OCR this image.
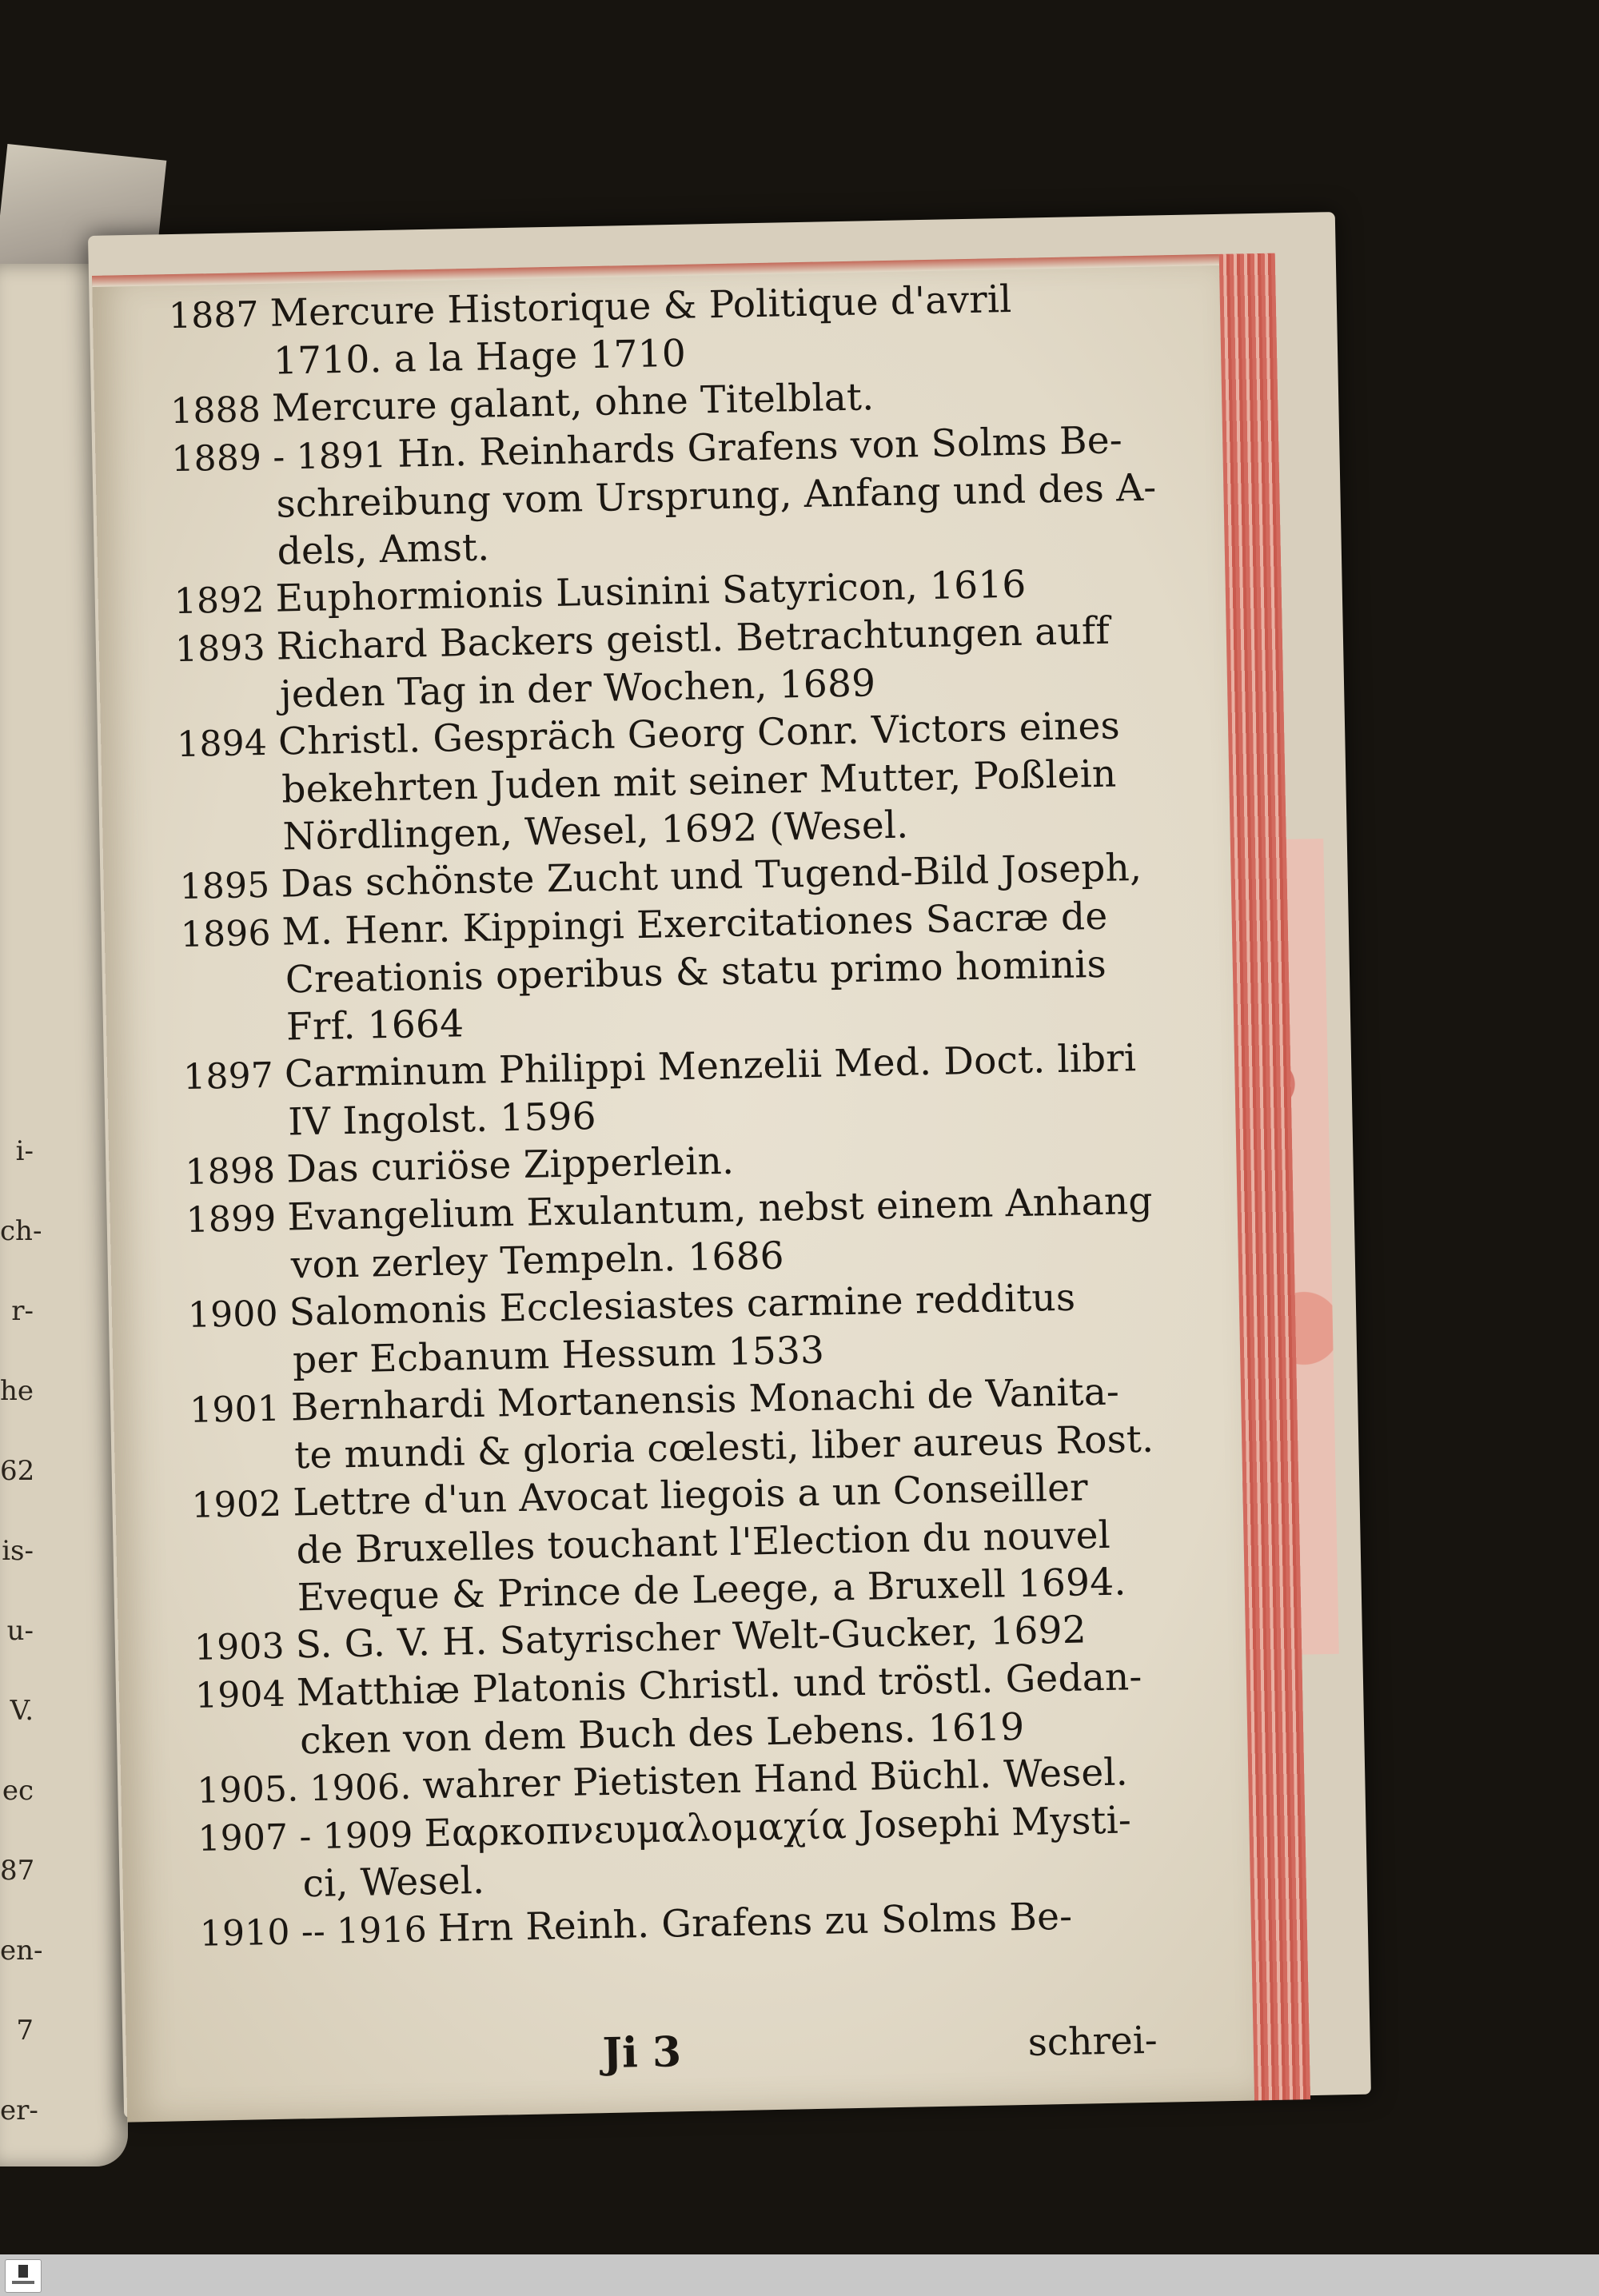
i-
ch-
r-
he
62
is-
u-
V.
ec
87
en-
7
er-
1887 Mercure Historique & Politique d'avril
1710. a la Hage 1710
1888 Mercure galant, ohne Titelblat.
1889 - 1891 Hn. Reinhards Grafens von Solms Be-
schreibung vom Ursprung, Anfang und des A-
dels, Amst.
1892 Euphormionis Lusinini Satyricon, 1616
1893 Richard Backers geistl. Betrachtungen auff
jeden Tag in der Wochen, 1689
1894 Christl. Gespräch Georg Conr. Victors eines
bekehrten Juden mit seiner Mutter, Poßlein
Nördlingen, Wesel, 1692 (Wesel.
1895 Das schönste Zucht und Tugend-Bild Joseph,
1896 M. Henr. Kippingi Exercitationes Sacræ de
Creationis operibus & statu primo hominis
Frf. 1664
1897 Carminum Philippi Menzelii Med. Doct. libri
IV Ingolst. 1596
1898 Das curiöse Zipperlein.
1899 Evangelium Exulantum, nebst einem Anhang
von zerley Tempeln. 1686
1900 Salomonis Ecclesiastes carmine redditus
per Ecbanum Hessum 1533
1901 Bernhardi Mortanensis Monachi de Vanita-
te mundi & gloria cœlesti, liber aureus Rost.
1902 Lettre d'un Avocat liegois a un Conseiller
de Bruxelles touchant l'Election du nouvel
Eveque & Prince de Leege, a Bruxell 1694.
1903 S. G. V. H. Satyrischer Welt-Gucker, 1692
1904 Matthiæ Platonis Christl. und tröstl. Gedan-
cken von dem Buch des Lebens. 1619
1905. 1906. wahrer Pietisten Hand Büchl. Wesel.
1907 - 1909 Εαρκοπνευμαλομαχία Josephi Mysti-
ci, Wesel.
1910 -- 1916 Hrn Reinh. Grafens zu Solms Be-
Ji 3	schrei-
